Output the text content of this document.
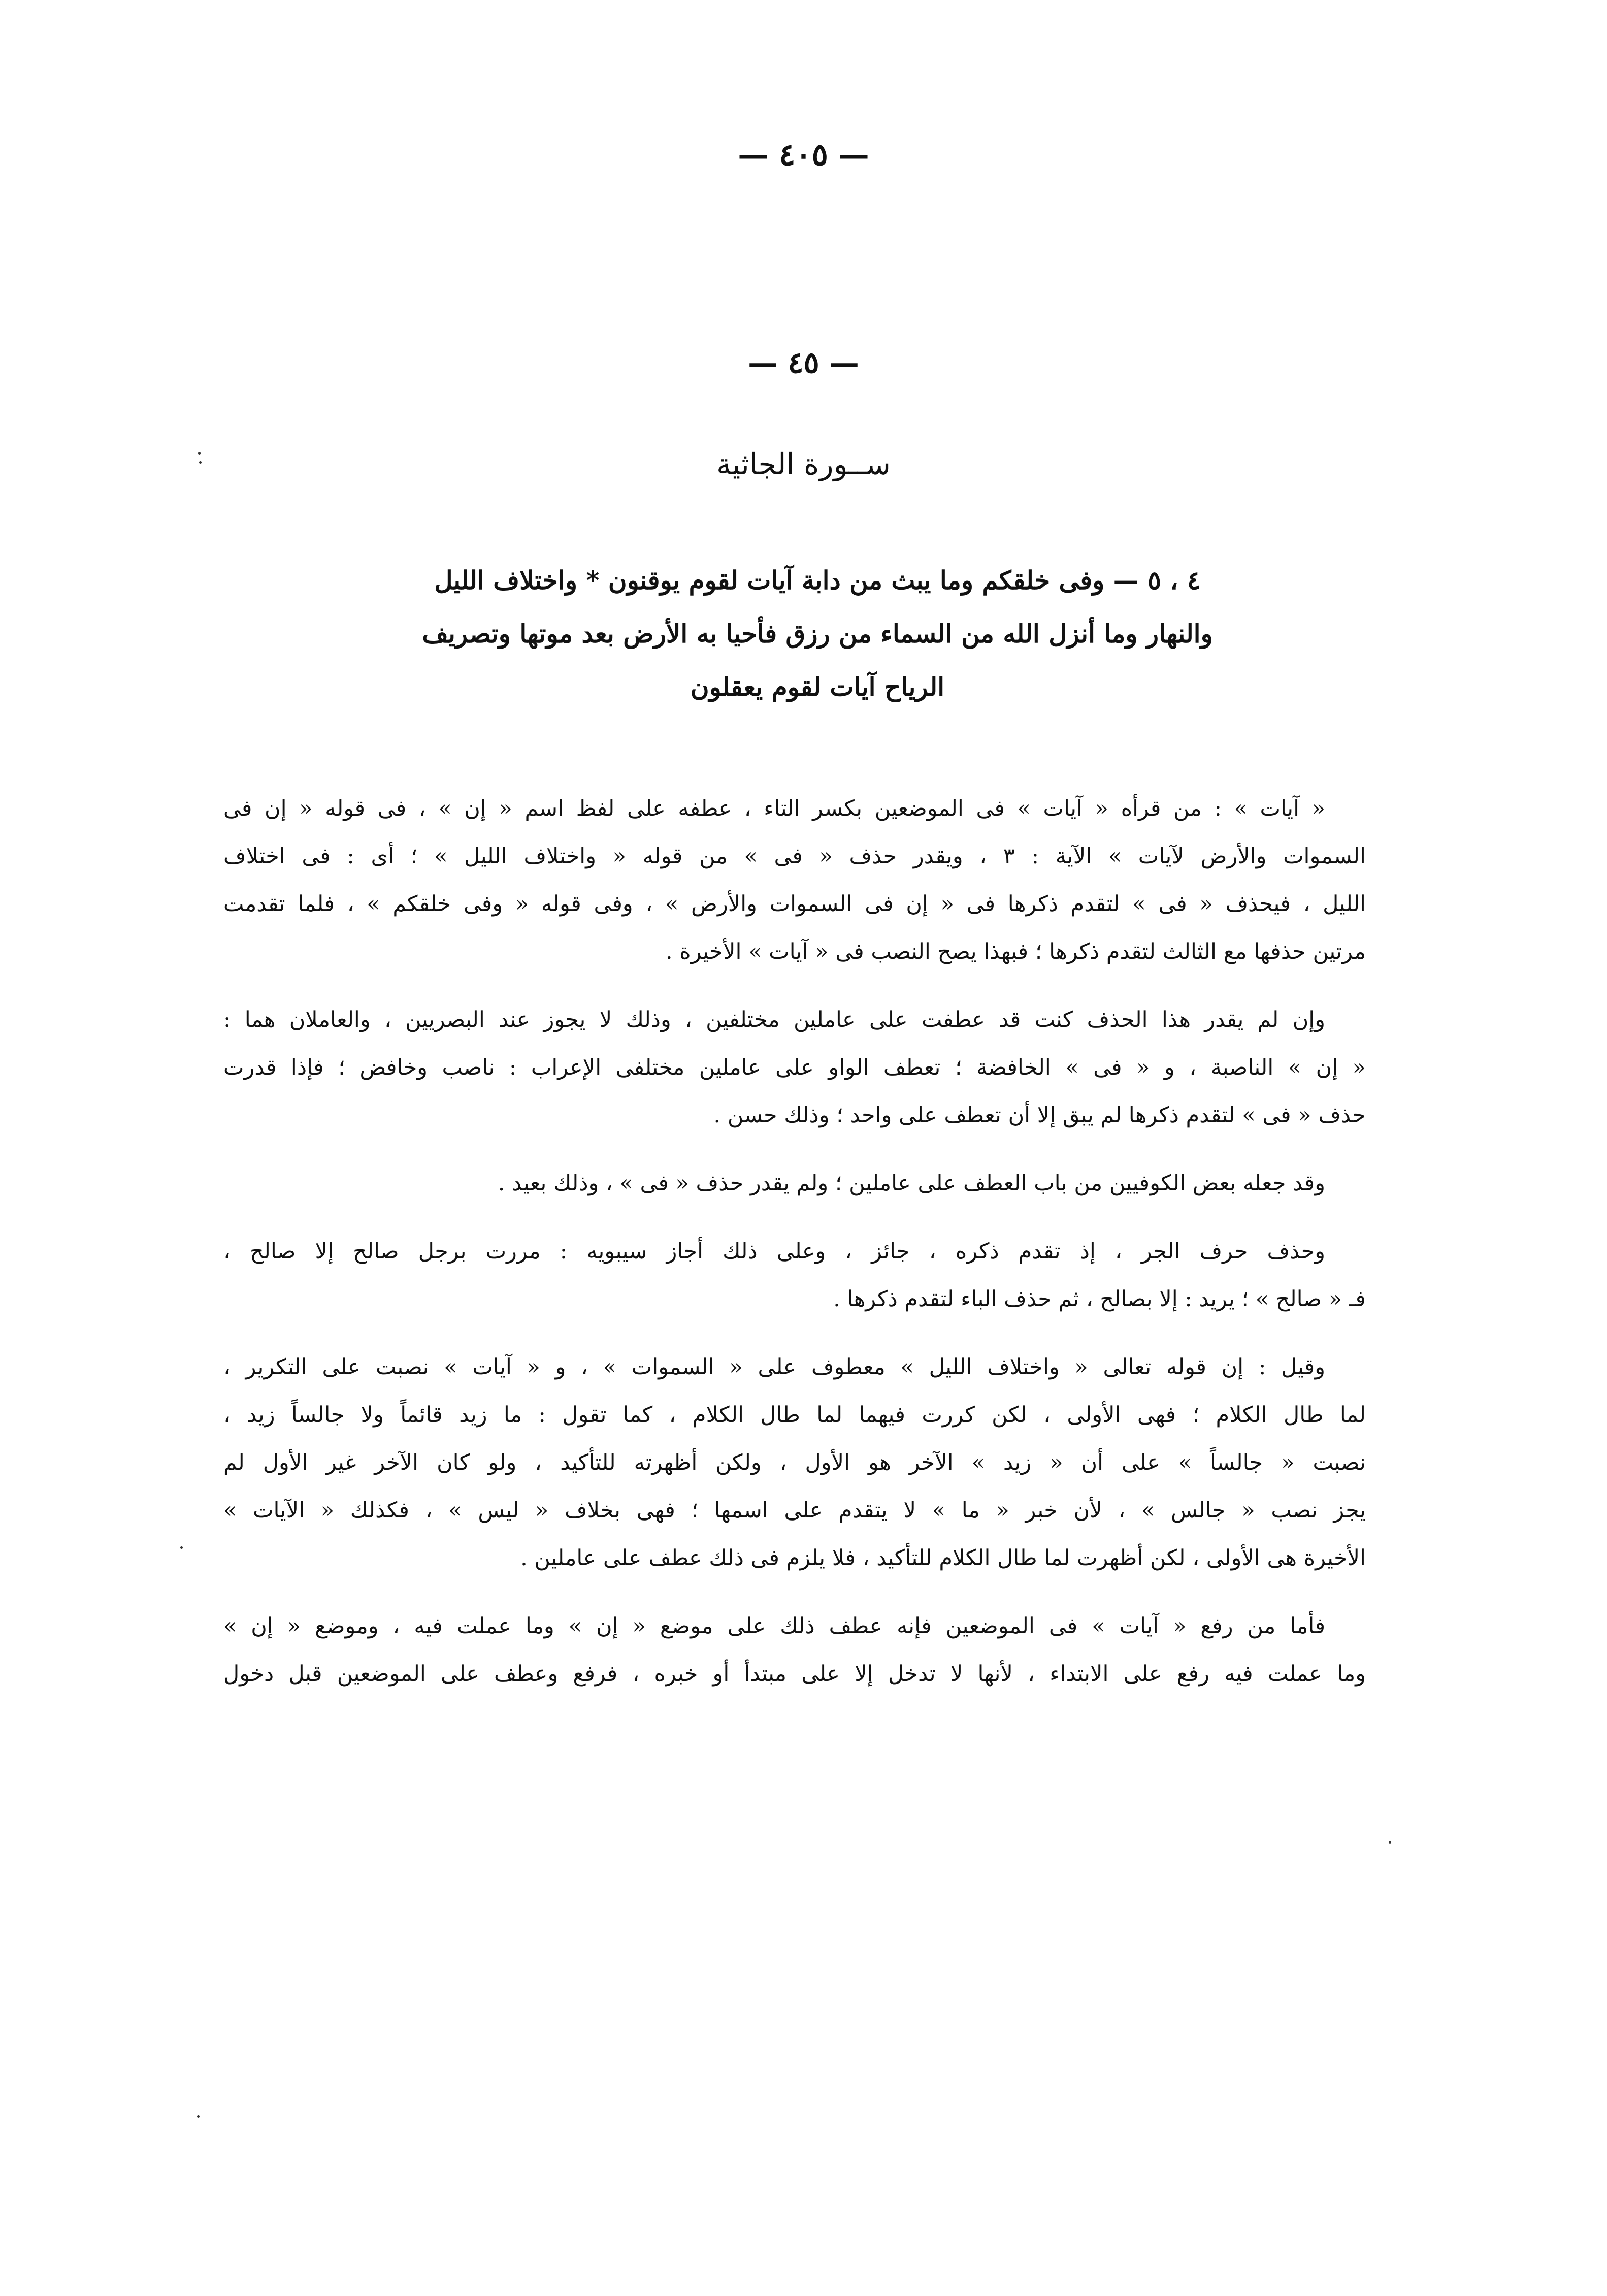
— ٤٠٥ —
— ٤٥ —
ســورة الجاثية
٤ ، ٥ — وفى خلقكم وما يبث من دابة آيات لقوم يوقنون * واختلاف الليل
والنهار وما أنزل الله من السماء من رزق فأحيا به الأرض بعد موتها وتصريف
الرياح آيات لقوم يعقلون
« آيات » : من قرأه « آيات » فى الموضعين بكسر التاء ، عطفه على لفظ اسم « إن » ، فى قوله « إن فى
السموات والأرض لآيات » الآية : ٣ ، ويقدر حذف « فى » من قوله « واختلاف الليل » ؛ أى : فى اختلاف
الليل ، فيحذف « فى » لتقدم ذكرها فى « إن فى السموات والأرض » ، وفى قوله « وفى خلقكم » ، فلما تقدمت
مرتين حذفها مع الثالث لتقدم ذكرها ؛ فبهذا يصح النصب فى « آيات » الأخيرة .
وإن لم يقدر هذا الحذف كنت قد عطفت على عاملين مختلفين ، وذلك لا يجوز عند البصريين ، والعاملان هما :
« إن » الناصبة ، و « فى » الخافضة ؛ تعطف الواو على عاملين مختلفى الإعراب : ناصب وخافض ؛ فإذا قدرت
حذف « فى » لتقدم ذكرها لم يبق إلا أن تعطف على واحد ؛ وذلك حسن .
وقد جعله بعض الكوفيين من باب العطف على عاملين ؛ ولم يقدر حذف « فى » ، وذلك بعيد .
وحذف حرف الجر ، إذ تقدم ذكره ، جائز ، وعلى ذلك أجاز سيبويه : مررت برجل صالح إلا صالح ،
فـ « صالح » ؛ يريد : إلا بصالح ، ثم حذف الباء لتقدم ذكرها .
وقيل : إن قوله تعالى « واختلاف الليل » معطوف على « السموات » ، و « آيات » نصبت على التكرير ،
لما طال الكلام ؛ فهى الأولى ، لكن كررت فيهما لما طال الكلام ، كما تقول : ما زيد قائماً ولا جالساً زيد ،
نصبت « جالساً » على أن « زيد » الآخر هو الأول ، ولكن أظهرته للتأكيد ، ولو كان الآخر غير الأول لم
يجز نصب « جالس » ، لأن خبر « ما » لا يتقدم على اسمها ؛ فهى بخلاف « ليس » ، فكذلك « الآيات »
الأخيرة هى الأولى ، لكن أظهرت لما طال الكلام للتأكيد ، فلا يلزم فى ذلك عطف على عاملين .
فأما من رفع « آيات » فى الموضعين فإنه عطف ذلك على موضع « إن » وما عملت فيه ، وموضع « إن »
وما عملت فيه رفع على الابتداء ، لأنها لا تدخل إلا على مبتدأ أو خبره ، فرفع وعطف على الموضعين قبل دخول
